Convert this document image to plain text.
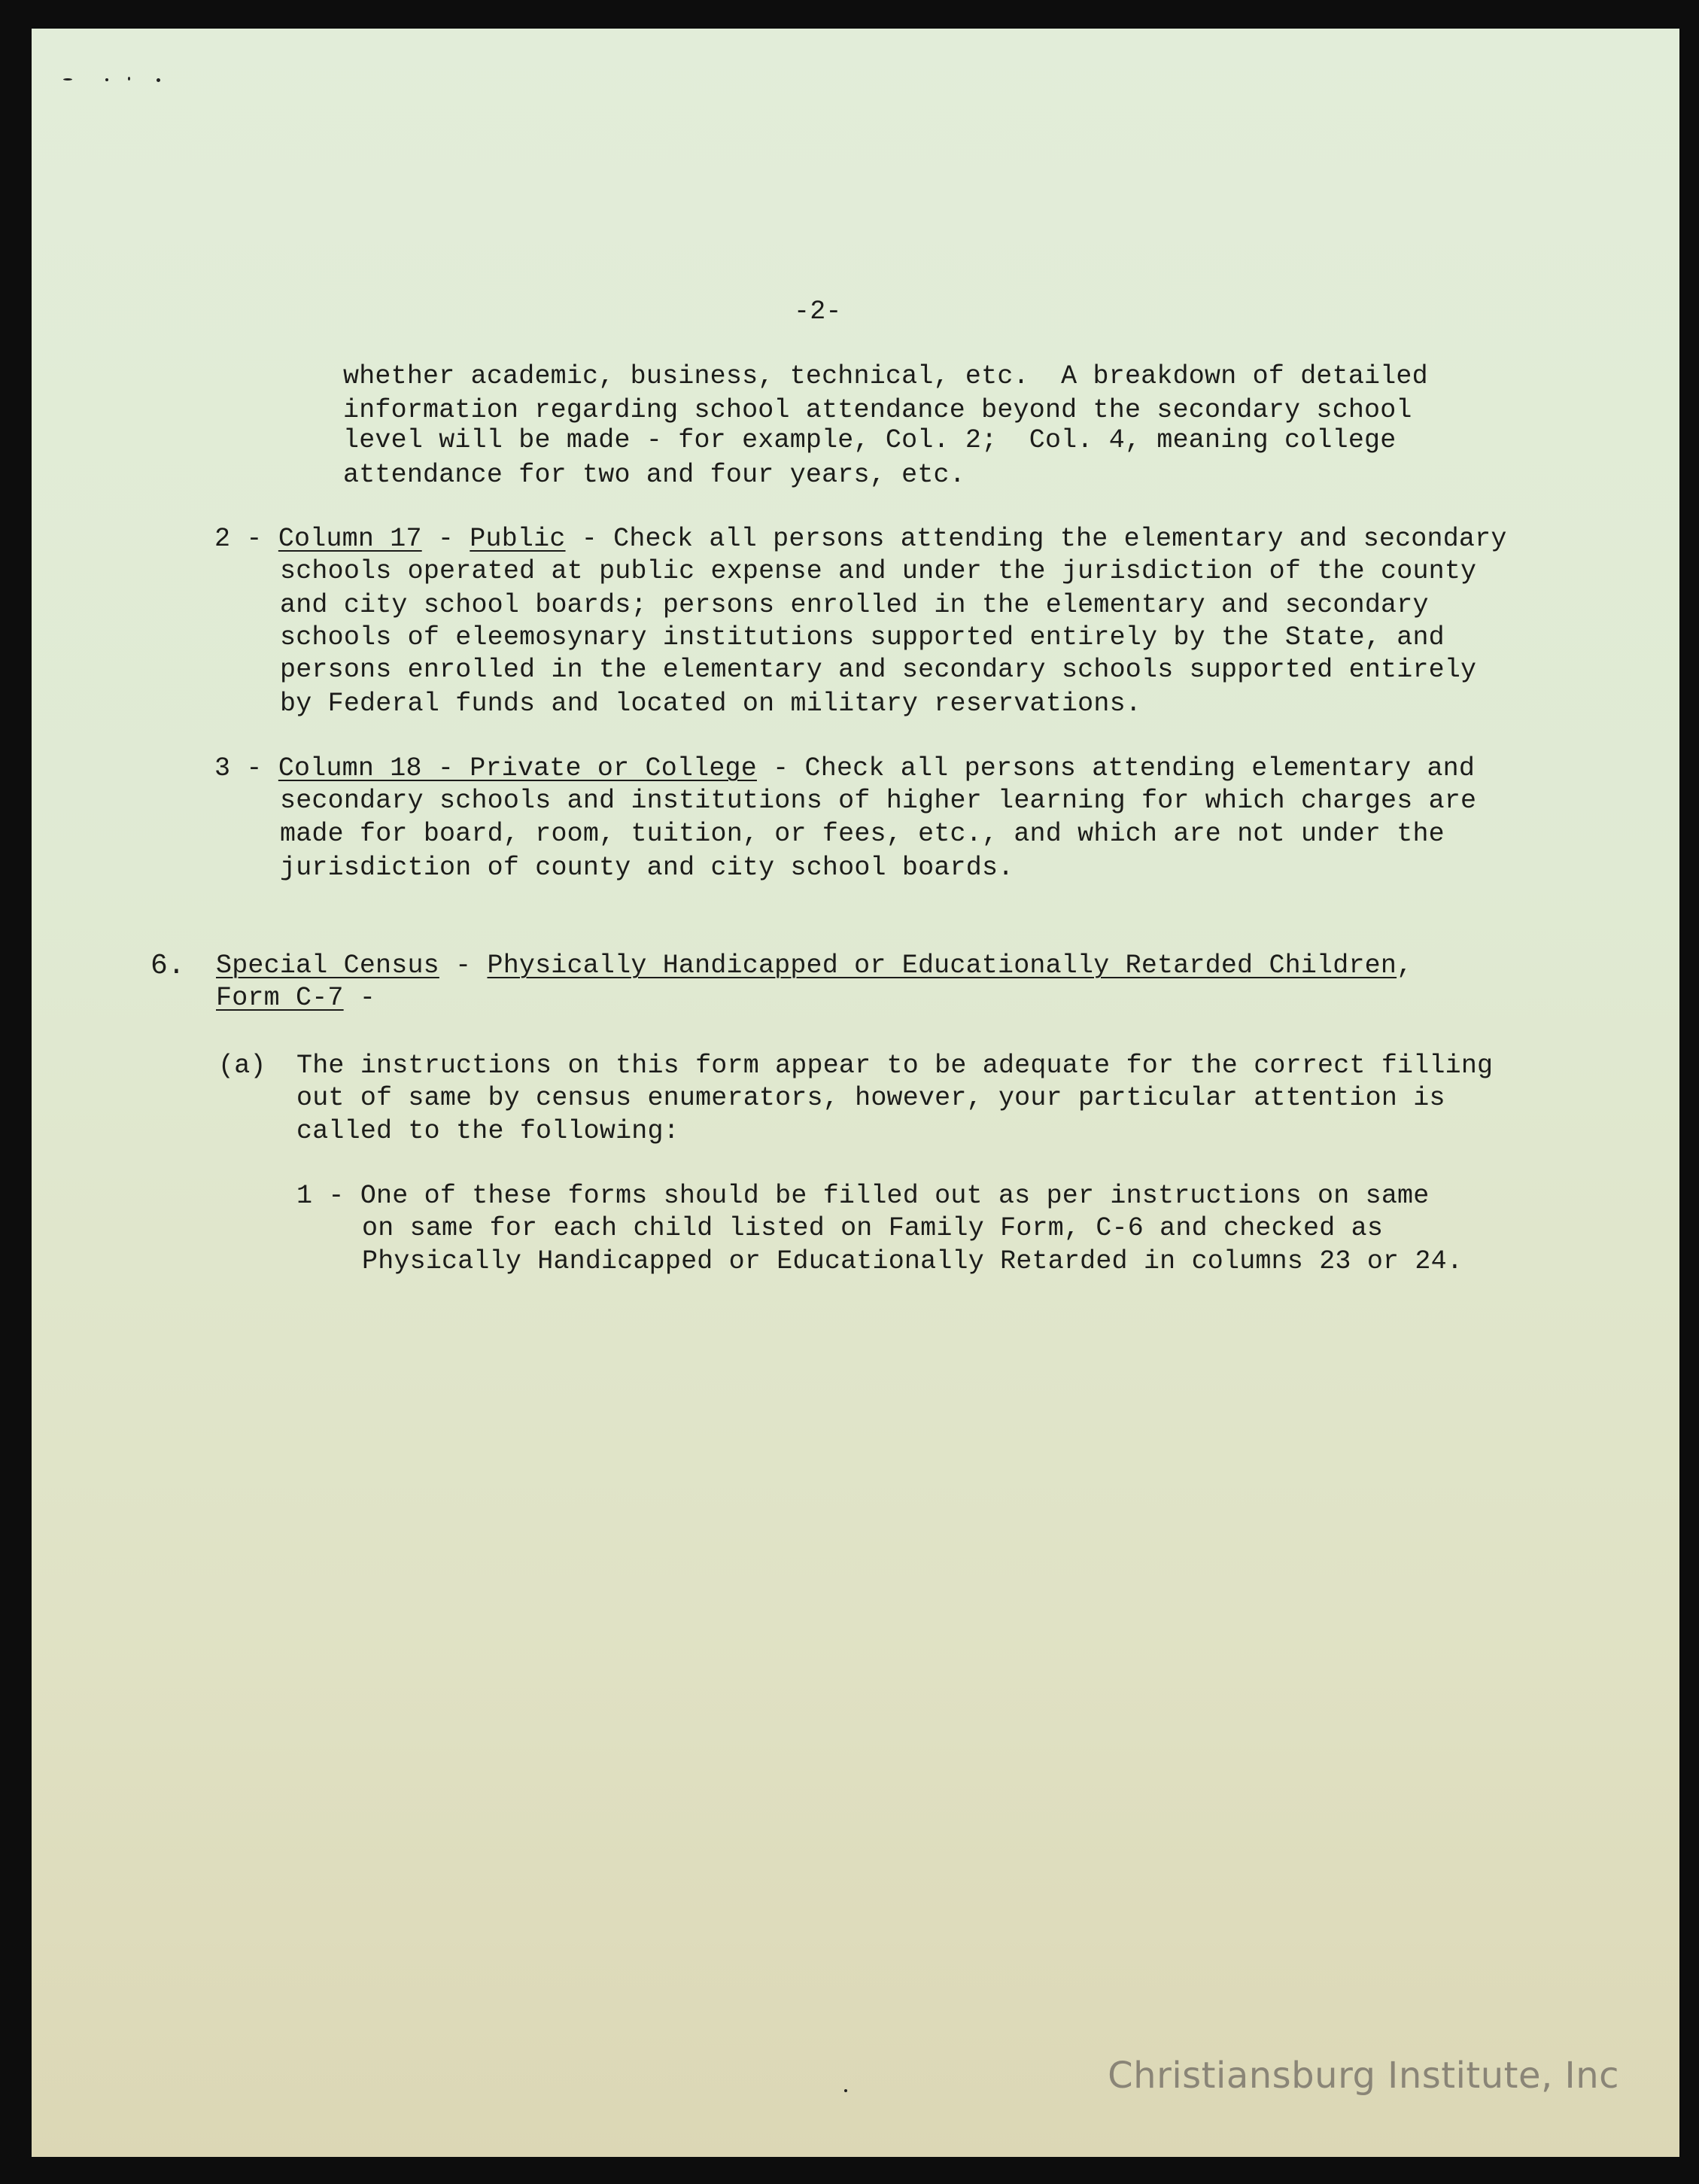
-2-
whether academic, business, technical, etc.  A breakdown of detailed
information regarding school attendance beyond the secondary school
level will be made - for example, Col. 2;  Col. 4, meaning college
attendance for two and four years, etc.
2 - Column 17 - Public - Check all persons attending the elementary and secondary
schools operated at public expense and under the jurisdiction of the county
and city school boards; persons enrolled in the elementary and secondary
schools of eleemosynary institutions supported entirely by the State, and
persons enrolled in the elementary and secondary schools supported entirely
by Federal funds and located on military reservations.
3 - Column 18 - Private or College - Check all persons attending elementary and
secondary schools and institutions of higher learning for which charges are
made for board, room, tuition, or fees, etc., and which are not under the
jurisdiction of county and city school boards.
6. Special Census - Physically Handicapped or Educationally Retarded Children,
Form C-7 -
(a) The instructions on this form appear to be adequate for the correct filling
out of same by census enumerators, however, your particular attention is
called to the following:
1 - One of these forms should be filled out as per instructions on same
on same for each child listed on Family Form, C-6 and checked as
Physically Handicapped or Educationally Retarded in columns 23 or 24.
Christiansburg Institute, Inc
